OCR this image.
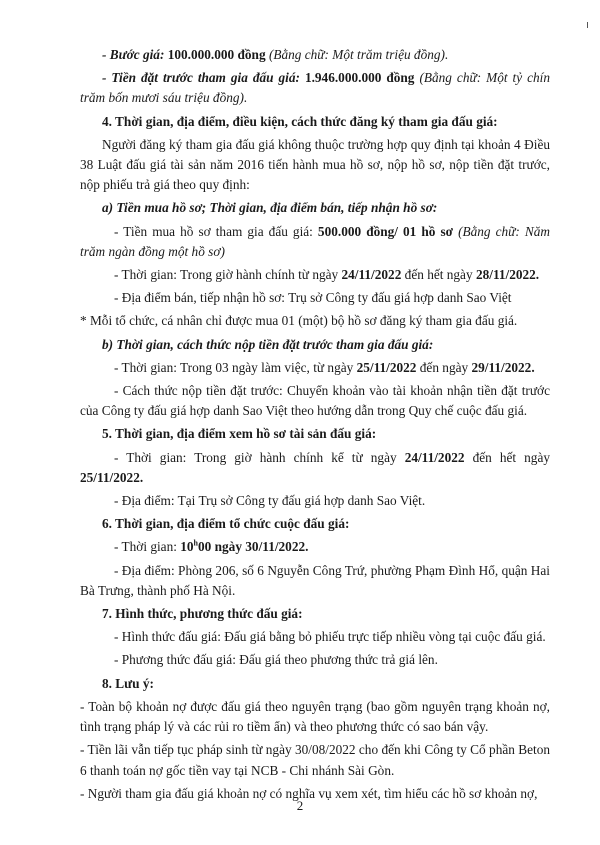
- Bước giá: 100.000.000 đồng (Bằng chữ: Một trăm triệu đồng).

- Tiền đặt trước tham gia đấu giá: 1.946.000.000 đồng (Bằng chữ: Một tỷ chín trăm bốn mươi sáu triệu đồng).

4. Thời gian, địa điểm, điều kiện, cách thức đăng ký tham gia đấu giá:

Người đăng ký tham gia đấu giá không thuộc trường hợp quy định tại khoản 4 Điều 38 Luật đấu giá tài sản năm 2016 tiến hành mua hồ sơ, nộp hồ sơ, nộp tiền đặt trước, nộp phiếu trả giá theo quy định:

a) Tiền mua hồ sơ; Thời gian, địa điểm bán, tiếp nhận hồ sơ:

- Tiền mua hồ sơ tham gia đấu giá: 500.000 đồng/ 01 hồ sơ (Bằng chữ: Năm trăm ngàn đồng một hồ sơ)

- Thời gian: Trong giờ hành chính từ ngày 24/11/2022 đến hết ngày 28/11/2022.

- Địa điểm bán, tiếp nhận hồ sơ: Trụ sở Công ty đấu giá hợp danh Sao Việt

* Mỗi tổ chức, cá nhân chỉ được mua 01 (một) bộ hồ sơ đăng ký tham gia đấu giá.

b) Thời gian, cách thức nộp tiền đặt trước tham gia đấu giá:

- Thời gian: Trong 03 ngày làm việc, từ ngày 25/11/2022 đến ngày 29/11/2022.

- Cách thức nộp tiền đặt trước: Chuyển khoản vào tài khoản nhận tiền đặt trước của Công ty đấu giá hợp danh Sao Việt theo hướng dẫn trong Quy chế cuộc đấu giá.

5. Thời gian, địa điểm xem hồ sơ tài sản đấu giá:

- Thời gian: Trong giờ hành chính kể từ ngày 24/11/2022 đến hết ngày 25/11/2022.

- Địa điểm: Tại Trụ sở Công ty đấu giá hợp danh Sao Việt.

6. Thời gian, địa điểm tổ chức cuộc đấu giá:

- Thời gian: 10$^h$00 ngày 30/11/2022.

- Địa điểm: Phòng 206, số 6 Nguyễn Công Trứ, phường Phạm Đình Hổ, quận Hai Bà Trưng, thành phố Hà Nội.

7. Hình thức, phương thức đấu giá:

- Hình thức đấu giá: Đấu giá bằng bỏ phiếu trực tiếp nhiều vòng tại cuộc đấu giá.

- Phương thức đấu giá: Đấu giá theo phương thức trả giá lên.

8. Lưu ý:

- Toàn bộ khoản nợ được đấu giá theo nguyên trạng (bao gồm nguyên trạng khoản nợ, tình trạng pháp lý và các rủi ro tiềm ẩn) và theo phương thức có sao bán vậy.

- Tiền lãi vẫn tiếp tục pháp sinh từ ngày 30/08/2022 cho đến khi Công ty Cổ phần Beton 6 thanh toán nợ gốc tiền vay tại NCB - Chi nhánh Sài Gòn.

- Người tham gia đấu giá khoản nợ có nghĩa vụ xem xét, tìm hiểu các hồ sơ khoản nợ,

2
